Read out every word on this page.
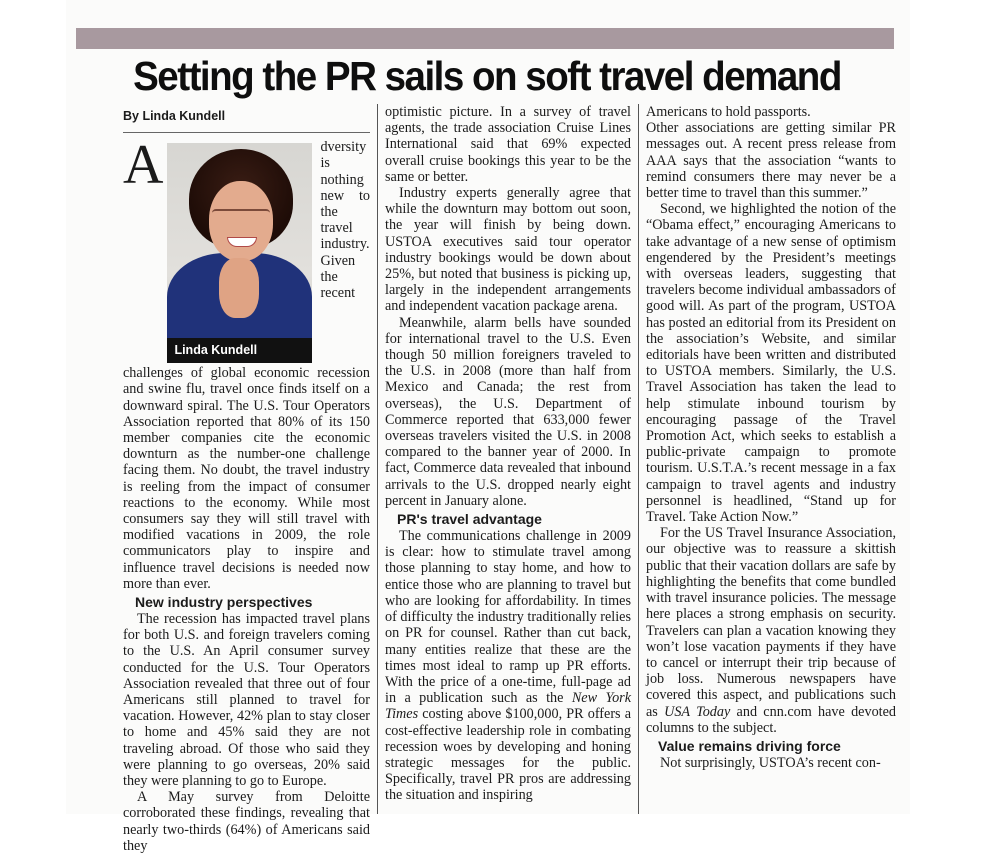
Setting the PR sails on soft travel demand
By Linda Kundell

A
Linda Kundell
dversity is nothing new to the travel industry. Given the recent challenges of global economic recession and swine flu, travel once finds itself on a downward spiral. The U.S. Tour Operators Association reported that 80% of its 150 member companies cite the economic downturn as the number-one challenge facing them. No doubt, the travel industry is reeling from the impact of consumer reactions to the economy. While most consumers say they will still travel with modified vacations in 2009, the role communicators play to inspire and influence travel decisions is needed now more than ever.

New industry perspectives

The recession has impacted travel plans for both U.S. and foreign travelers coming to the U.S. An April consumer survey conducted for the U.S. Tour Operators Association revealed that three out of four Americans still planned to travel for vacation. However, 42% plan to stay closer to home and 45% said they are not traveling abroad. Of those who said they were planning to go overseas, 20% said they were planning to go to Europe.

A May survey from Deloitte corroborated these findings, revealing that nearly two-thirds (64%) of Americans said they

optimistic picture. In a survey of travel agents, the trade association Cruise Lines International said that 69% expected overall cruise bookings this year to be the same or better.

Industry experts generally agree that while the downturn may bottom out soon, the year will finish by being down. USTOA executives said tour operator industry bookings would be down about 25%, but noted that business is picking up, largely in the independent arrangements and independent vacation package arena.

Meanwhile, alarm bells have sounded for international travel to the U.S. Even though 50 million foreigners traveled to the U.S. in 2008 (more than half from Mexico and Canada; the rest from overseas), the U.S. Department of Commerce reported that 633,000 fewer overseas travelers visited the U.S. in 2008 compared to the banner year of 2000. In fact, Commerce data revealed that inbound arrivals to the U.S. dropped nearly eight percent in January alone.

PR's travel advantage

The communications challenge in 2009 is clear: how to stimulate travel among those planning to stay home, and how to entice those who are planning to travel but who are looking for affordability. In times of difficulty the industry traditionally relies on PR for counsel. Rather than cut back, many entities realize that these are the times most ideal to ramp up PR efforts. With the price of a one-time, full-page ad in a publication such as the New York Times costing above $100,000, PR offers a cost-effective leadership role in combating recession woes by developing and honing strategic messages for the public. Specifically, travel PR pros are addressing the situation and inspiring

Americans to hold passports.

Other associations are getting similar PR messages out. A recent press release from AAA says that the association “wants to remind consumers there may never be a better time to travel than this summer.”

Second, we highlighted the notion of the “Obama effect,” encouraging Americans to take advantage of a new sense of optimism engendered by the President’s meetings with overseas leaders, suggesting that travelers become individual ambassadors of good will. As part of the program, USTOA has posted an editorial from its President on the association’s Website, and similar editorials have been written and distributed to USTOA members. Similarly, the U.S. Travel Association has taken the lead to help stimulate inbound tourism by encouraging passage of the Travel Promotion Act, which seeks to establish a public-private campaign to promote tourism. U.S.T.A.’s recent message in a fax campaign to travel agents and industry personnel is headlined, “Stand up for Travel. Take Action Now.”

For the US Travel Insurance Association, our objective was to reassure a skittish public that their vacation dollars are safe by highlighting the benefits that come bundled with travel insurance policies. The message here places a strong emphasis on security. Travelers can plan a vacation knowing they won’t lose vacation payments if they have to cancel or interrupt their trip because of job loss. Numerous newspapers have covered this aspect, and publications such as USA Today and cnn.com have devoted columns to the subject.

Value remains driving force

Not surprisingly, USTOA’s recent con-
